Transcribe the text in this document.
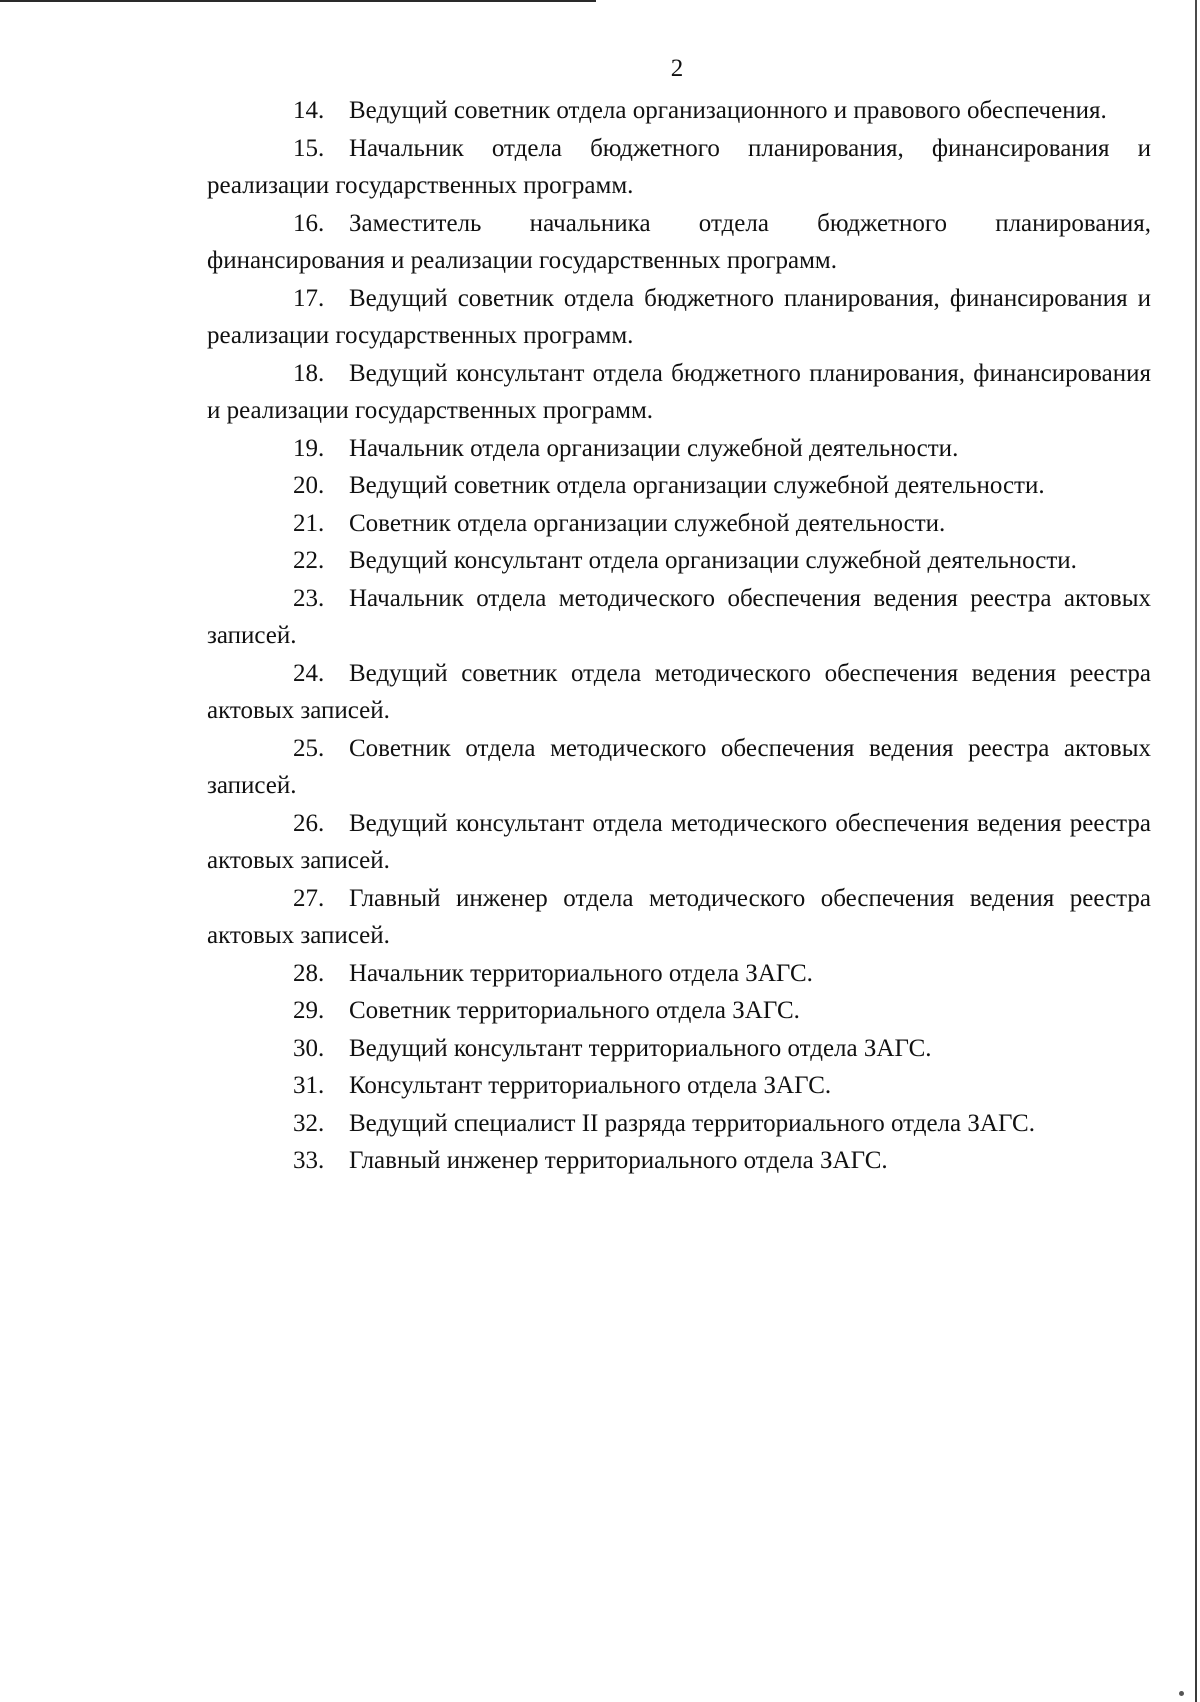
2

14. Ведущий советник отдела организационного и правового обеспечения.

15. Начальник отдела бюджетного планирования, финансирования и реализации государственных программ.

16. Заместитель начальника отдела бюджетного планирования, финансирования и реализации государственных программ.

17. Ведущий советник отдела бюджетного планирования, финансирования и реализации государственных программ.

18. Ведущий консультант отдела бюджетного планирования, финансирования и реализации государственных программ.

19. Начальник отдела организации служебной деятельности.

20. Ведущий советник отдела организации служебной деятельности.

21. Советник отдела организации служебной деятельности.

22. Ведущий консультант отдела организации служебной деятельности.

23. Начальник отдела методического обеспечения ведения реестра актовых записей.

24. Ведущий советник отдела методического обеспечения ведения реестра актовых записей.

25. Советник отдела методического обеспечения ведения реестра актовых записей.

26. Ведущий консультант отдела методического обеспечения ведения реестра актовых записей.

27. Главный инженер отдела методического обеспечения ведения реестра актовых записей.

28. Начальник территориального отдела ЗАГС.

29. Советник территориального отдела ЗАГС.

30. Ведущий консультант территориального отдела ЗАГС.

31. Консультант территориального отдела ЗАГС.

32. Ведущий специалист II разряда территориального отдела ЗАГС.

33. Главный инженер территориального отдела ЗАГС.
